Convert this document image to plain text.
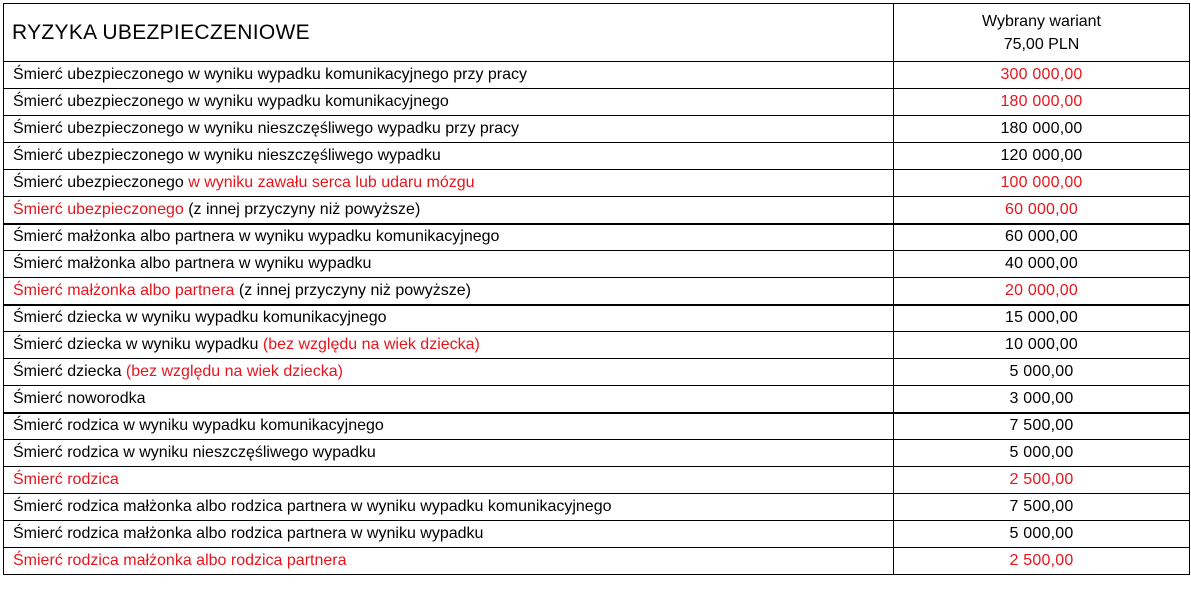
RYZYKA UBEZPIECZENIOWE	Wybrany wariant
75,00 PLN

Śmierć ubezpieczonego w wyniku wypadku komunikacyjnego przy pracy	300 000,00
Śmierć ubezpieczonego w wyniku wypadku komunikacyjnego	180 000,00
Śmierć ubezpieczonego w wyniku nieszczęśliwego wypadku przy pracy	180 000,00
Śmierć ubezpieczonego w wyniku nieszczęśliwego wypadku	120 000,00
Śmierć ubezpieczonego w wyniku zawału serca lub udaru mózgu	100 000,00
Śmierć ubezpieczonego (z innej przyczyny niż powyższe)	60 000,00
Śmierć małżonka albo partnera w wyniku wypadku komunikacyjnego	60 000,00
Śmierć małżonka albo partnera w wyniku wypadku	40 000,00
Śmierć małżonka albo partnera (z innej przyczyny niż powyższe)	20 000,00
Śmierć dziecka w wyniku wypadku komunikacyjnego	15 000,00
Śmierć dziecka w wyniku wypadku (bez względu na wiek dziecka)	10 000,00
Śmierć dziecka (bez względu na wiek dziecka)	5 000,00
Śmierć noworodka	3 000,00
Śmierć rodzica w wyniku wypadku komunikacyjnego	7 500,00
Śmierć rodzica w wyniku nieszczęśliwego wypadku	5 000,00
Śmierć rodzica	2 500,00
Śmierć rodzica małżonka albo rodzica partnera w wyniku wypadku komunikacyjnego	7 500,00
Śmierć rodzica małżonka albo rodzica partnera w wyniku wypadku	5 000,00
Śmierć rodzica małżonka albo rodzica partnera	2 500,00
